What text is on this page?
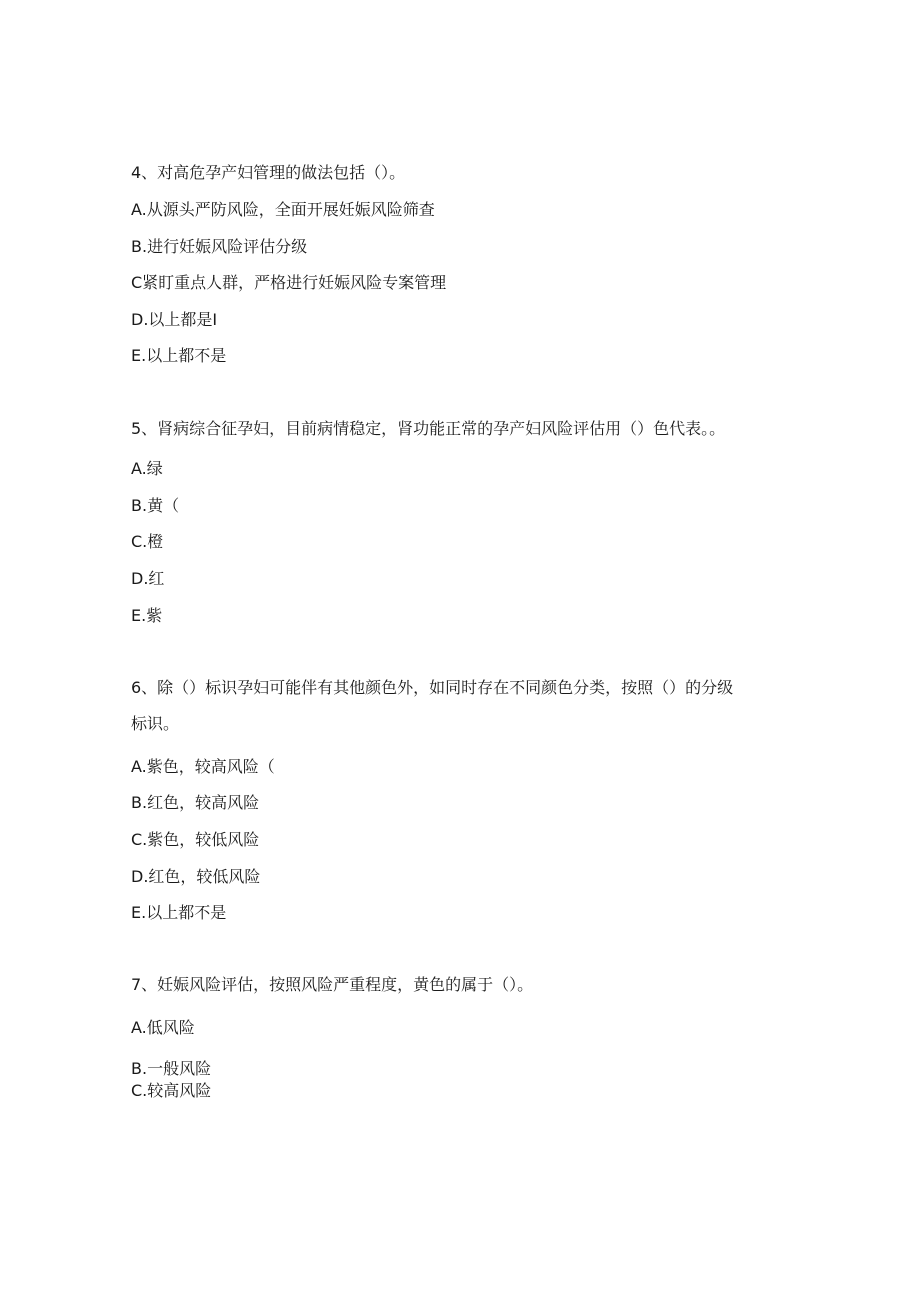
4、对高危孕产妇管理的做法包括（）。
A.从源头严防风险，全面开展妊娠风险筛查
B.进行妊娠风险评估分级
C紧盯重点人群，严格进行妊娠风险专案管理
D.以上都是I
E.以上都不是
5、肾病综合征孕妇，目前病情稳定，肾功能正常的孕产妇风险评估用（）色代表。。
A.绿
B.黄（
C.橙
D.红
E.紫
6、除（）标识孕妇可能伴有其他颜色外，如同时存在不同颜色分类，按照（）的分级
标识。
A.紫色，较高风险（
B.红色，较高风险
C.紫色，较低风险
D.红色，较低风险
E.以上都不是
7、妊娠风险评估，按照风险严重程度，黄色的属于（）。
A.低风险
B.一般风险
C.较高风险
